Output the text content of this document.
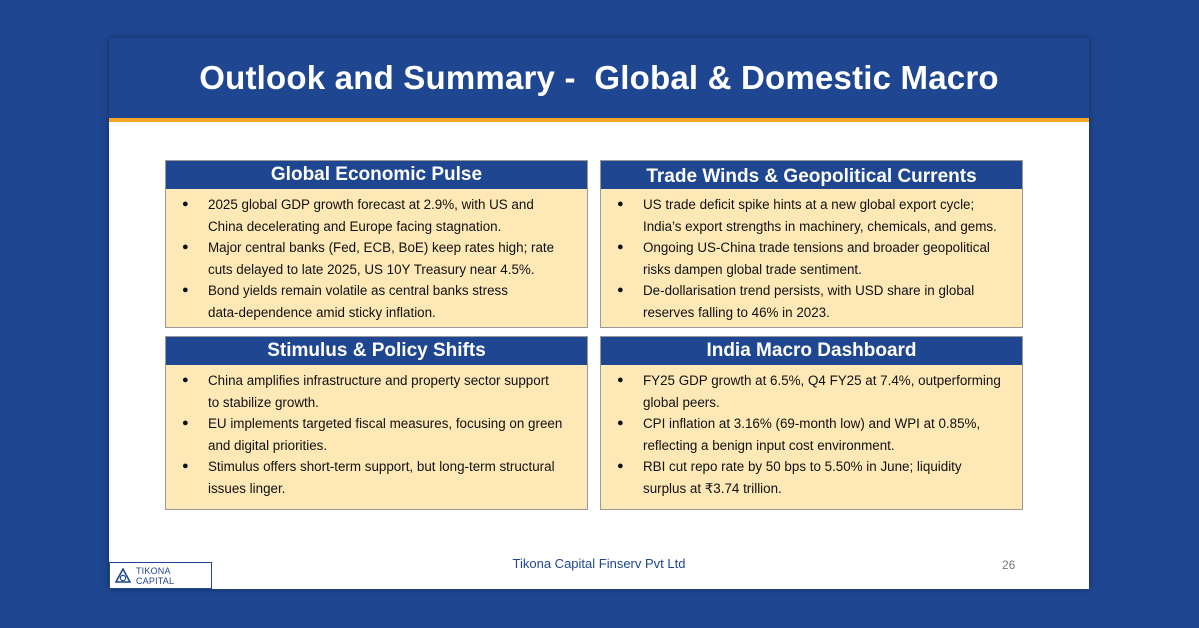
Outlook and Summary -  Global & Domestic Macro
Global Economic Pulse
● 2025 global GDP growth forecast at 2.9%, with US and
China decelerating and Europe facing stagnation.
● Major central banks (Fed, ECB, BoE) keep rates high; rate
cuts delayed to late 2025, US 10Y Treasury near 4.5%.
● Bond yields remain volatile as central banks stress
data-dependence amid sticky inflation.
Trade Winds & Geopolitical Currents
● US trade deficit spike hints at a new global export cycle;
India’s export strengths in machinery, chemicals, and gems.
● Ongoing US-China trade tensions and broader geopolitical
risks dampen global trade sentiment.
● De-dollarisation trend persists, with USD share in global
reserves falling to 46% in 2023.
Stimulus & Policy Shifts
● China amplifies infrastructure and property sector support
to stabilize growth.
● EU implements targeted fiscal measures, focusing on green
and digital priorities.
● Stimulus offers short-term support, but long-term structural
issues linger.
India Macro Dashboard
● FY25 GDP growth at 6.5%, Q4 FY25 at 7.4%, outperforming
global peers.
● CPI inflation at 3.16% (69-month low) and WPI at 0.85%,
reflecting a benign input cost environment.
● RBI cut repo rate by 50 bps to 5.50% in June; liquidity
surplus at ₹3.74 trillion.
Tikona Capital Finserv Pvt Ltd	26
TIKONA CAPITAL
